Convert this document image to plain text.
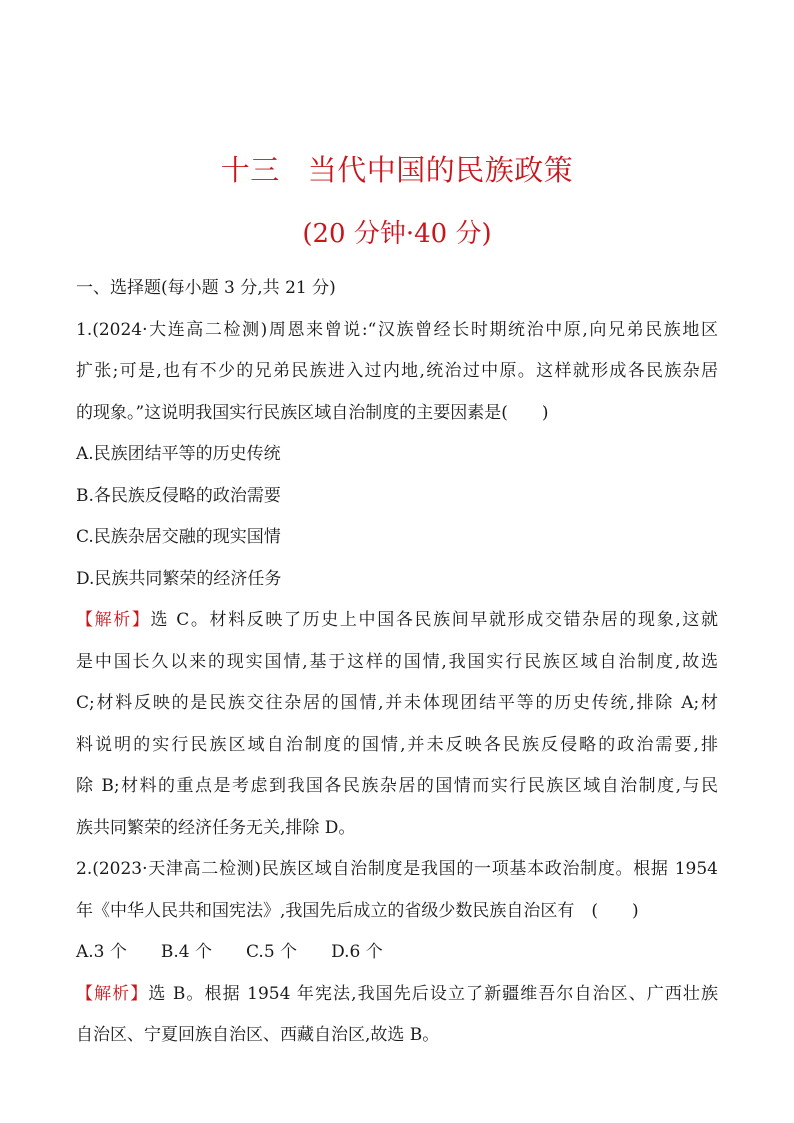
十三 当代中国的民族政策
(20 分钟·40 分)
一、选择题(每小题 3 分,共 21 分)
1.(2024·大连高二检测)周恩来曾说:“汉族曾经长时期统治中原,向兄弟民族地区
扩张;可是,也有不少的兄弟民族进入过内地,统治过中原。这样就形成各民族杂居
的现象。”这说明我国实行民族区域自治制度的主要因素是(　　)
A.民族团结平等的历史传统
B.各民族反侵略的政治需要
C.民族杂居交融的现实国情
D.民族共同繁荣的经济任务
【解析】选 C。材料反映了历史上中国各民族间早就形成交错杂居的现象,这就
是中国长久以来的现实国情,基于这样的国情,我国实行民族区域自治制度,故选
C;材料反映的是民族交往杂居的国情,并未体现团结平等的历史传统,排除 A;材
料说明的实行民族区域自治制度的国情,并未反映各民族反侵略的政治需要,排
除 B;材料的重点是考虑到我国各民族杂居的国情而实行民族区域自治制度,与民
族共同繁荣的经济任务无关,排除 D。
2.(2023·天津高二检测)民族区域自治制度是我国的一项基本政治制度。根据 1954
年《中华人民共和国宪法》,我国先后成立的省级少数民族自治区有　(　　)
A.3 个 B.4 个 C.5 个 D.6 个
【解析】选 B。根据 1954 年宪法,我国先后设立了新疆维吾尔自治区、广西壮族
自治区、宁夏回族自治区、西藏自治区,故选 B。
